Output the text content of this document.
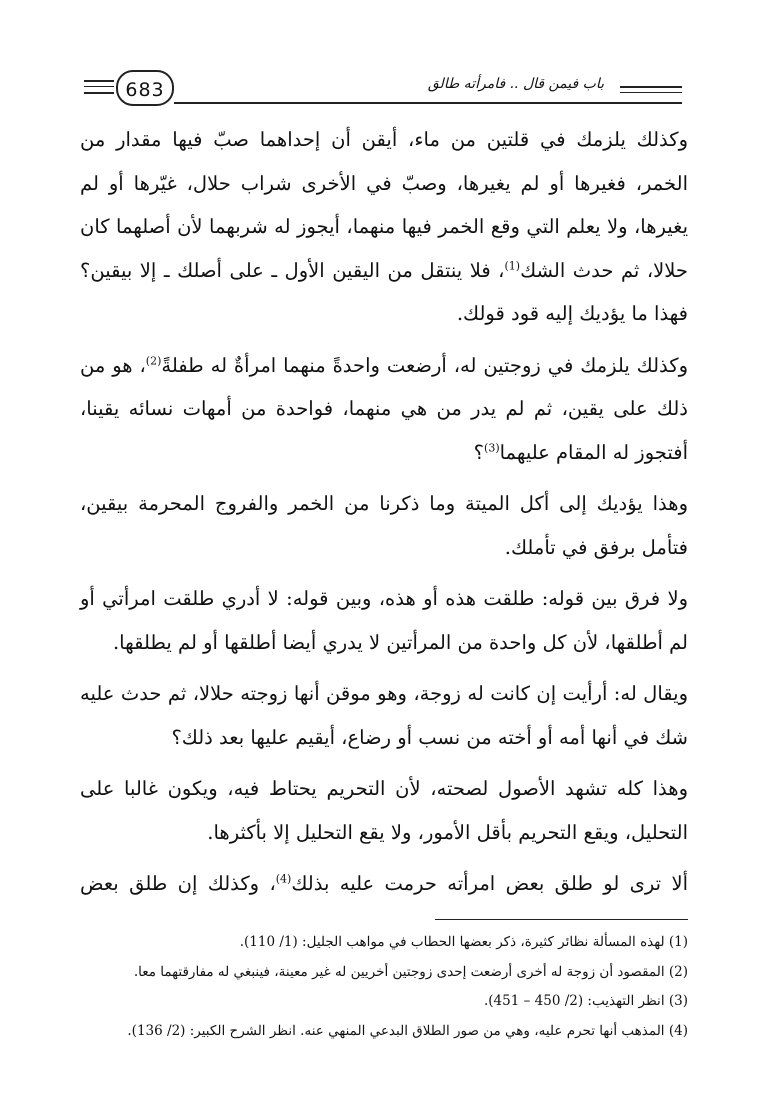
683	باب فيمن قال .. فامرأته طالق

وكذلك يلزمك في قلتين من ماء، أيقن أن إحداهما صبّ فيها مقدار من الخمر، فغيرها أو لم يغيرها، وصبّ في الأخرى شراب حلال، غيّرها أو لم يغيرها، ولا يعلم التي وقع الخمر فيها منهما، أيجوز له شربهما لأن أصلهما كان حلالا، ثم حدث الشك$^{(1)}$، فلا ينتقل من اليقين الأول ـ على أصلك ـ إلا بيقين؟ فهذا ما يؤديك إليه قود قولك.

وكذلك يلزمك في زوجتين له، أرضعت واحدةً منهما امرأةٌ له طفلةً$^{(2)}$، هو من ذلك على يقين، ثم لم يدر من هي منهما، فواحدة من أمهات نسائه يقينا، أفتجوز له المقام عليهما$^{(3)}$؟

وهذا يؤديك إلى أكل الميتة وما ذكرنا من الخمر والفروج المحرمة بيقين، فتأمل برفق في تأملك.

ولا فرق بين قوله: طلقت هذه أو هذه، وبين قوله: لا أدري طلقت امرأتي أو لم أطلقها، لأن كل واحدة من المرأتين لا يدري أيضا أطلقها أو لم يطلقها.

ويقال له: أرأيت إن كانت له زوجة، وهو موقن أنها زوجته حلالا، ثم حدث عليه شك في أنها أمه أو أخته من نسب أو رضاع، أيقيم عليها بعد ذلك؟

وهذا كله تشهد الأصول لصحته، لأن التحريم يحتاط فيه، ويكون غالبا على التحليل، ويقع التحريم بأقل الأمور، ولا يقع التحليل إلا بأكثرها.

ألا ترى لو طلق بعض امرأته حرمت عليه بذلك$^{(4)}$، وكذلك إن طلق بعض

(1) لهذه المسألة نظائر كثيرة، ذكر بعضها الحطاب في مواهب الجليل: (1/ 110).
(2) المقصود أن زوجة له أخرى أرضعت إحدى زوجتين أخريين له غير معينة، فينبغي له مفارقتهما معا.
(3) انظر التهذيب: (2/ 450 – 451).
(4) المذهب أنها تحرم عليه، وهي من صور الطلاق البدعي المنهي عنه. انظر الشرح الكبير: (2/ 136).
